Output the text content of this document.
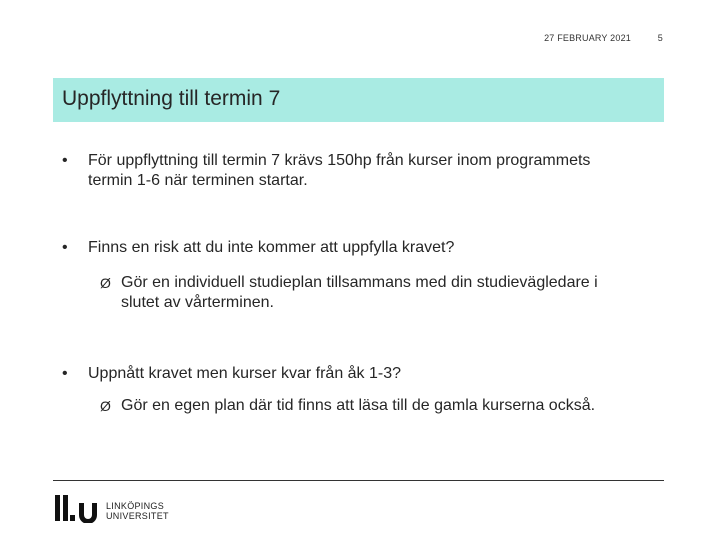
27 FEBRUARY 2021	5
Uppflyttning till termin 7
•	För uppflyttning till termin 7 krävs 150hp från kurser inom programmets termin 1-6 när terminen startar.
•	Finns en risk att du inte kommer att uppfylla kravet?
Ø Gör en individuell studieplan tillsammans med din studievägledare i slutet av vårterminen.
•	Uppnått kravet men kurser kvar från åk 1-3?
Ø Gör en egen plan där tid finns att läsa till de gamla kurserna också.
LINKÖPINGS
UNIVERSITET
